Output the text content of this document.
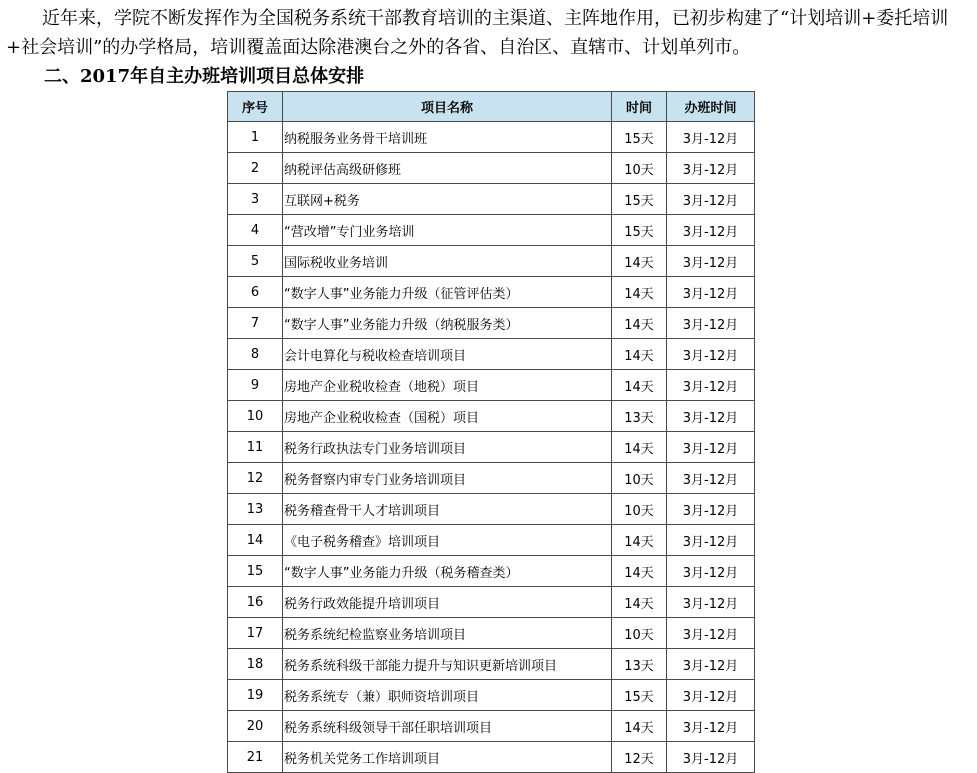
近年来，学院不断发挥作为全国税务系统干部教育培训的主渠道、主阵地作用，已初步构建了“计划培训+委托培训+社会培训”的办学格局，培训覆盖面达除港澳台之外的各省、自治区、直辖市、计划单列市。

二、2017年自主办班培训项目总体安排
序号	项目名称	时间	办班时间
1	纳税服务业务骨干培训班	15天	3月-12月
2	纳税评估高级研修班	10天	3月-12月
3	互联网+税务	15天	3月-12月
4	“营改增”专门业务培训	15天	3月-12月
5	国际税收业务培训	14天	3月-12月
6	“数字人事”业务能力升级（征管评估类）	14天	3月-12月
7	“数字人事”业务能力升级（纳税服务类）	14天	3月-12月
8	会计电算化与税收检查培训项目	14天	3月-12月
9	房地产企业税收检查（地税）项目	14天	3月-12月
10	房地产企业税收检查（国税）项目	13天	3月-12月
11	税务行政执法专门业务培训项目	14天	3月-12月
12	税务督察内审专门业务培训项目	10天	3月-12月
13	税务稽查骨干人才培训项目	10天	3月-12月
14	《电子税务稽查》培训项目	14天	3月-12月
15	“数字人事”业务能力升级（税务稽查类）	14天	3月-12月
16	税务行政效能提升培训项目	14天	3月-12月
17	税务系统纪检监察业务培训项目	10天	3月-12月
18	税务系统科级干部能力提升与知识更新培训项目	13天	3月-12月
19	税务系统专（兼）职师资培训项目	15天	3月-12月
20	税务系统科级领导干部任职培训项目	14天	3月-12月
21	税务机关党务工作培训项目	12天	3月-12月
